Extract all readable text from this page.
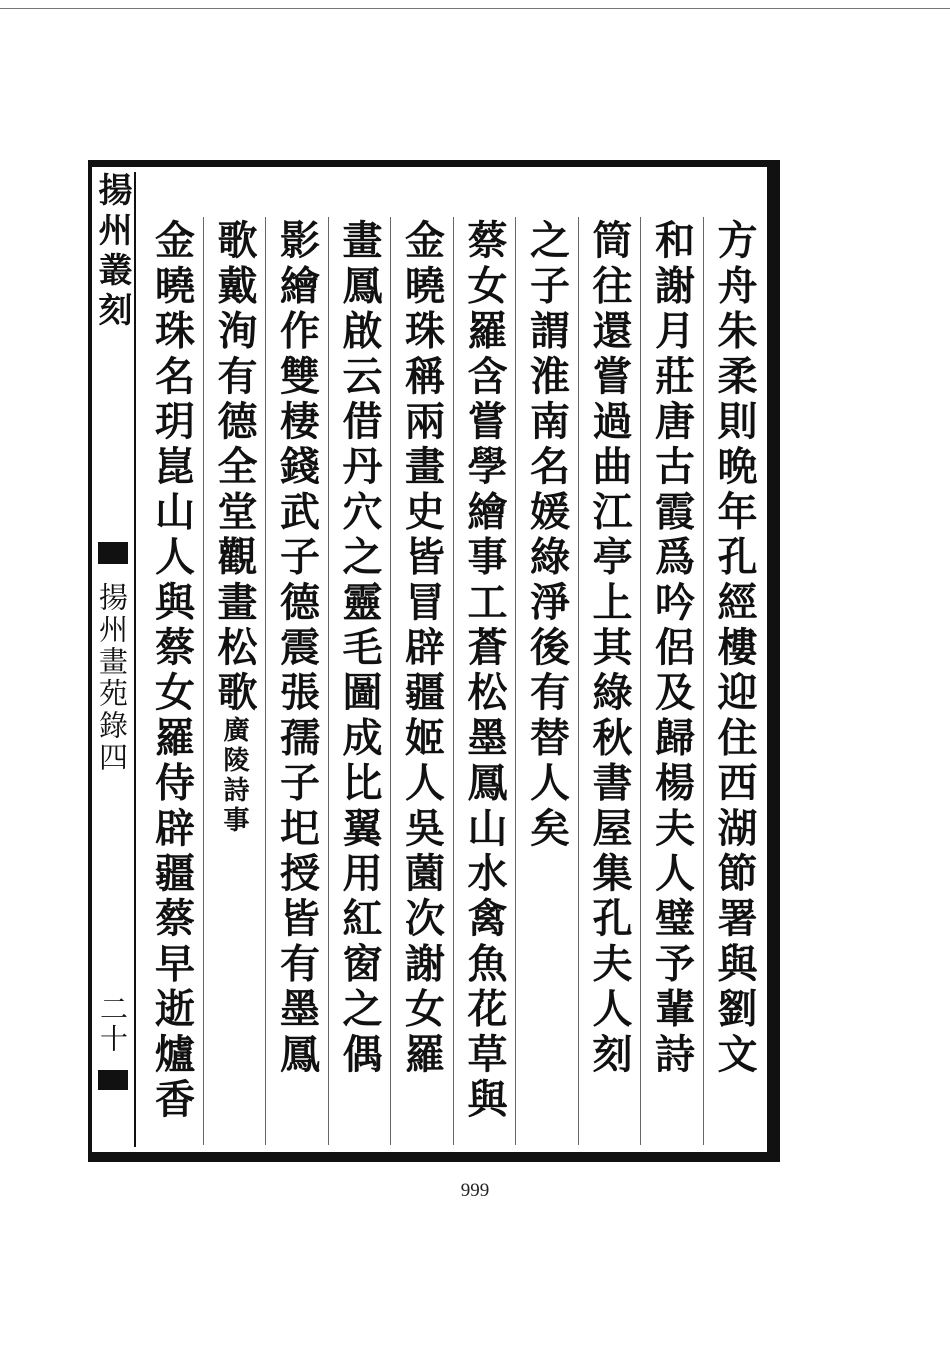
揚州叢刻
揚州畫苑錄四
二十	方舟朱柔則晩年孔經樓迎住西湖節署與劉文
和謝月莊唐古霞爲吟侶及歸楊夫人璧予輩詩
筒往還嘗過曲江亭上其綠秋書屋集孔夫人刻
之子謂淮南名媛綠淨後有替人矣
蔡女羅含嘗學繪事工蒼松墨鳳山水禽魚花草與
金曉珠稱兩畫史皆冒辟疆姬人吳薗次謝女羅
畫鳳啟云借丹穴之靈毛圖成比翼用紅窗之偶
影繪作雙棲錢武子德震張孺子圯授皆有墨鳳
歌戴洵有德全堂觀畫松歌廣陵詩事
金曉珠名玥崑山人與蔡女羅侍辟疆蔡早逝爐香
999
